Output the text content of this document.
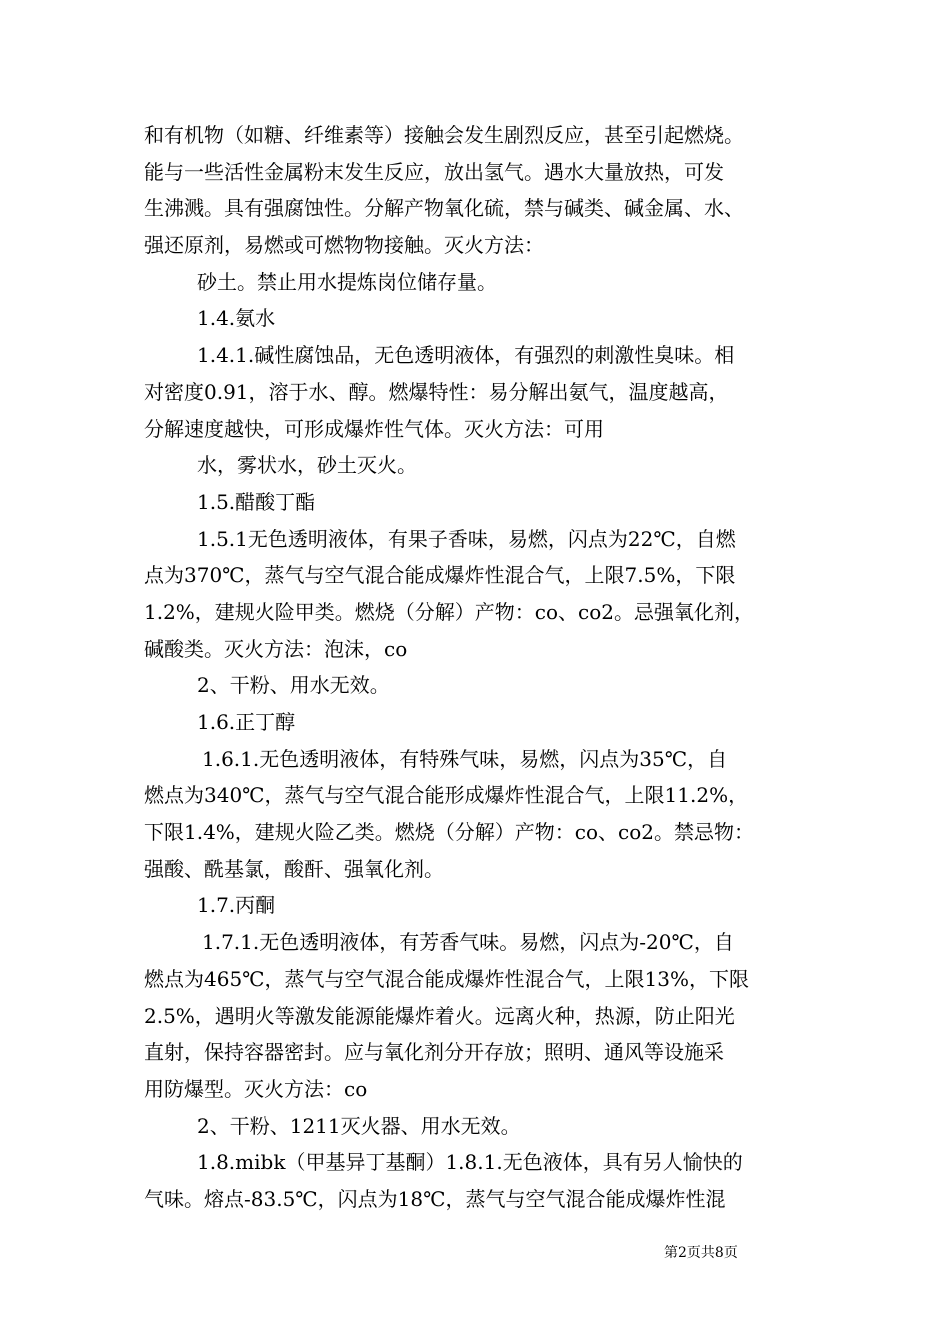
和有机物（如糖、纤维素等）接触会发生剧烈反应，甚至引起燃烧。
能与一些活性金属粉末发生反应，放出氢气。遇水大量放热，可发
生沸溅。具有强腐蚀性。分解产物氧化硫，禁与碱类、碱金属、水、
强还原剂，易燃或可燃物物接触。灭火方法：
砂土。禁止用水提炼岗位储存量。
1.4.氨水
1.4.1.碱性腐蚀品，无色透明液体，有强烈的刺激性臭味。相
对密度0.91，溶于水、醇。燃爆特性：易分解出氨气，温度越高，
分解速度越快，可形成爆炸性气体。灭火方法：可用
水，雾状水，砂土灭火。
1.5.醋酸丁酯
1.5.1无色透明液体，有果子香味，易燃，闪点为22℃，自燃
点为370℃，蒸气与空气混合能成爆炸性混合气，上限7.5%，下限
1.2%，建规火险甲类。燃烧（分解）产物：co、co2。忌强氧化剂，
碱酸类。灭火方法：泡沫，co
2、干粉、用水无效。
1.6.正丁醇
1.6.1.无色透明液体，有特殊气味，易燃，闪点为35℃，自
燃点为340℃，蒸气与空气混合能形成爆炸性混合气，上限11.2%，
下限1.4%，建规火险乙类。燃烧（分解）产物：co、co2。禁忌物：
强酸、酰基氯，酸酐、强氧化剂。
1.7.丙酮
1.7.1.无色透明液体，有芳香气味。易燃，闪点为-20℃，自
燃点为465℃，蒸气与空气混合能成爆炸性混合气，上限13%，下限
2.5%，遇明火等激发能源能爆炸着火。远离火种，热源，防止阳光
直射，保持容器密封。应与氧化剂分开存放；照明、通风等设施采
用防爆型。灭火方法：co
2、干粉、1211灭火器、用水无效。
1.8.mibk（甲基异丁基酮）1.8.1.无色液体，具有另人愉快的
气味。熔点-83.5℃，闪点为18℃，蒸气与空气混合能成爆炸性混
第2页共8页
